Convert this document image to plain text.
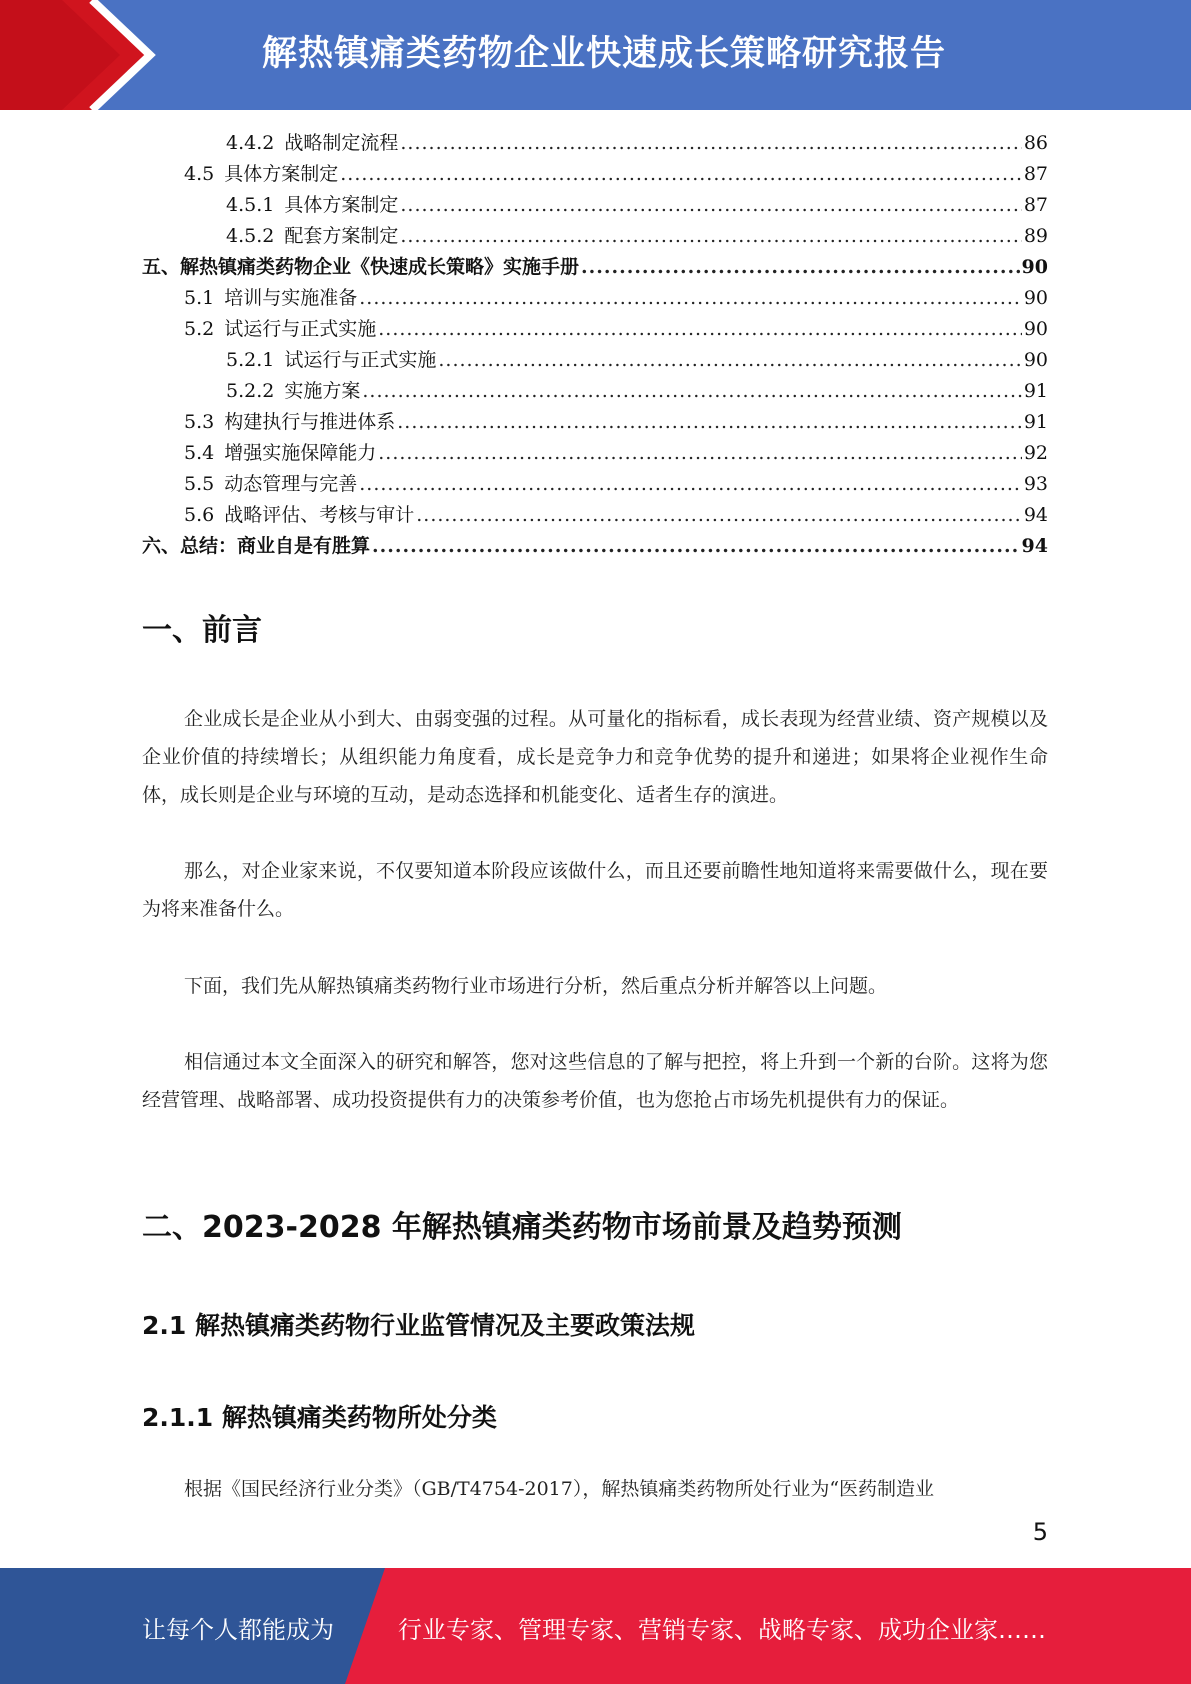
解热镇痛类药物企业快速成长策略研究报告
4.4.2 战略制定流程 .....	86
4.5 具体方案制定 .....	87
4.5.1 具体方案制定 .....	87
4.5.2 配套方案制定 .....	89
五、解热镇痛类药物企业《快速成长策略》实施手册 .....	90
5.1 培训与实施准备 .....	90
5.2 试运行与正式实施 .....	90
5.2.1 试运行与正式实施 .....	90
5.2.2 实施方案 .....	91
5.3 构建执行与推进体系 .....	91
5.4 增强实施保障能力 .....	92
5.5 动态管理与完善 .....	93
5.6 战略评估、考核与审计 .....	94
六、总结：商业自是有胜算 .....	94
一、前言
企业成长是企业从小到大、由弱变强的过程。从可量化的指标看，成长表现为经营业绩、资产规模以及企业价值的持续增长；从组织能力角度看，成长是竞争力和竞争优势的提升和递进；如果将企业视作生命体，成长则是企业与环境的互动，是动态选择和机能变化、适者生存的演进。
那么，对企业家来说，不仅要知道本阶段应该做什么，而且还要前瞻性地知道将来需要做什么，现在要为将来准备什么。
下面，我们先从解热镇痛类药物行业市场进行分析，然后重点分析并解答以上问题。
相信通过本文全面深入的研究和解答，您对这些信息的了解与把控，将上升到一个新的台阶。这将为您经营管理、战略部署、成功投资提供有力的决策参考价值，也为您抢占市场先机提供有力的保证。
二、2023-2028 年解热镇痛类药物市场前景及趋势预测
2.1 解热镇痛类药物行业监管情况及主要政策法规
2.1.1 解热镇痛类药物所处分类
根据《国民经济行业分类》（GB/T4754-2017），解热镇痛类药物所处行业为“医药制造业
5
让每个人都能成为	行业专家、管理专家、营销专家、战略专家、成功企业家……
